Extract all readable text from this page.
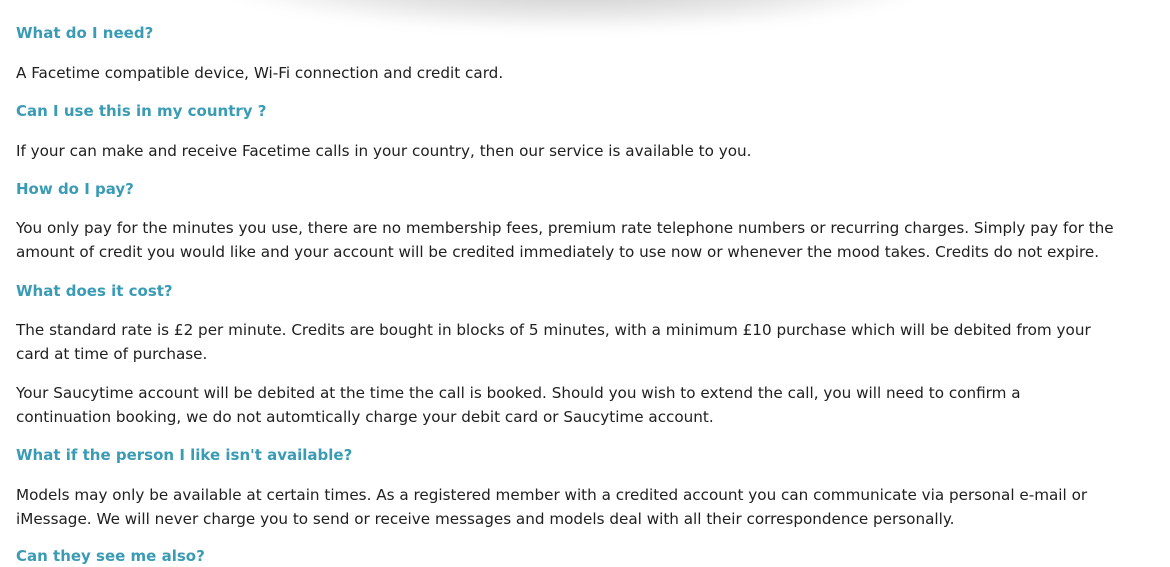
What do I need?

A Facetime compatible device, Wi-Fi connection and credit card.

Can I use this in my country ?

If your can make and receive Facetime calls in your country, then our service is available to you.

How do I pay?

You only pay for the minutes you use, there are no membership fees, premium rate telephone numbers or recurring charges. Simply pay for the amount of credit you would like and your account will be credited immediately to use now or whenever the mood takes. Credits do not expire.

What does it cost?

The standard rate is £2 per minute. Credits are bought in blocks of 5 minutes, with a minimum £10 purchase which will be debited from your card at time of purchase.

Your Saucytime account will be debited at the time the call is booked. Should you wish to extend the call, you will need to confirm a continuation booking, we do not automtically charge your debit card or Saucytime account.

What if the person I like isn't available?

Models may only be available at certain times. As a registered member with a credited account you can communicate via personal e-mail or iMessage. We will never charge you to send or receive messages and models deal with all their correspondence personally.

Can they see me also?
